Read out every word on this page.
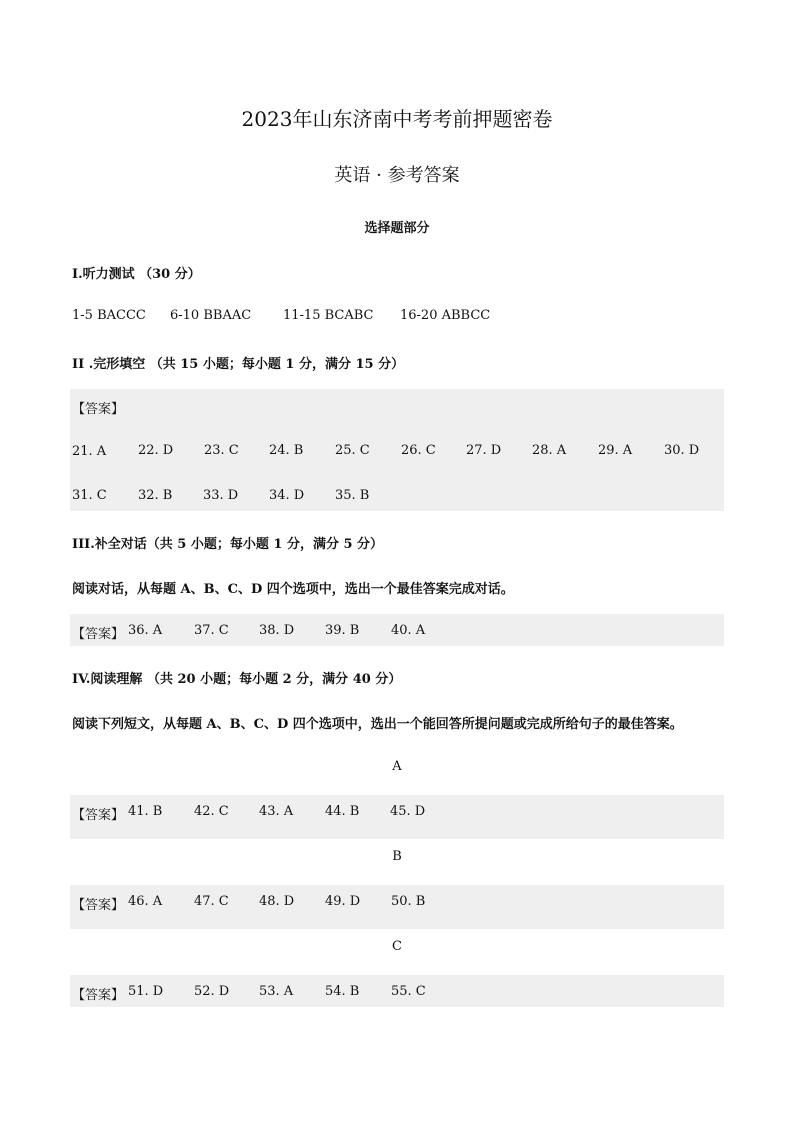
2023年山东济南中考考前押题密卷
英语 · 参考答案
选择题部分
I.听力测试 （30 分）
1-5 BACCC 6-10 BBAAC 11-15 BCABC 16-20 ABBCC
II .完形填空 （共 15 小题；每小题 1 分，满分 15 分）
【答案】
21. A 22. D 23. C 24. B 25. C 26. C 27. D 28. A 29. A 30. D
31. C 32. B 33. D 34. D 35. B
III.补全对话（共 5 小题；每小题 1 分，满分 5 分）
阅读对话，从每题 A、B、C、D 四个选项中，选出一个最佳答案完成对话。
【答案】 36. A 37. C 38. D 39. B 40. A
IV.阅读理解 （共 20 小题；每小题 2 分，满分 40 分）
阅读下列短文，从每题 A、B、C、D 四个选项中，选出一个能回答所提问题或完成所给句子的最佳答案。
A
【答案】 41. B 42. C 43. A 44. B 45. D
B
【答案】 46. A 47. C 48. D 49. D 50. B
C
【答案】 51. D 52. D 53. A 54. B 55. C
